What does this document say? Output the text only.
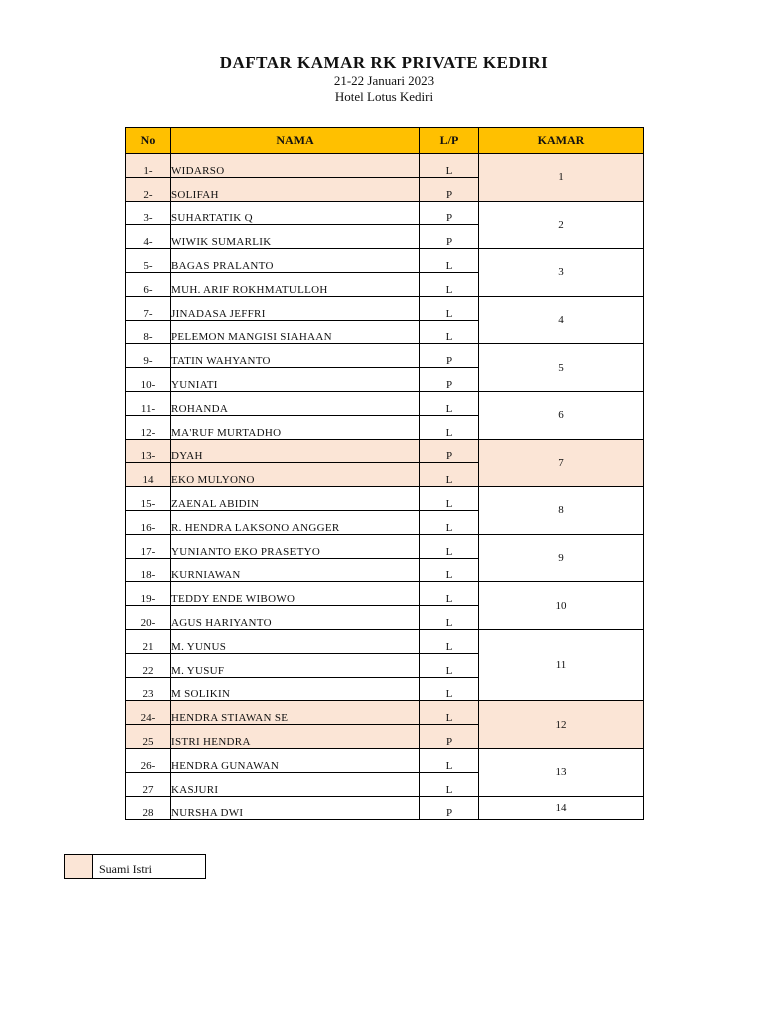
DAFTAR KAMAR RK PRIVATE KEDIRI
21-22 Januari 2023
Hotel Lotus Kediri
No	NAMA	L/P	KAMAR
1-	WIDARSO	L	1
2-	SOLIFAH	P	
3-	SUHARTATIK Q	P	2
4-	WIWIK SUMARLIK	P	
5-	BAGAS PRALANTO	L	3
6-	MUH. ARIF ROKHMATULLOH	L	
7-	JINADASA JEFFRI	L	4
8-	PELEMON MANGISI SIAHAAN	L	
9-	TATIN WAHYANTO	P	5
10-	YUNIATI	P	
11-	ROHANDA	L	6
12-	MA'RUF MURTADHO	L	
13-	DYAH	P	7
14	EKO MULYONO	L	
15-	ZAENAL ABIDIN	L	8
16-	R. HENDRA LAKSONO ANGGER	L	
17-	YUNIANTO EKO PRASETYO	L	9
18-	KURNIAWAN	L	
19-	TEDDY ENDE WIBOWO	L	10
20-	AGUS HARIYANTO	L	
21	M. YUNUS	L	11
22	M. YUSUF	L	
23	M SOLIKIN	L	
24-	HENDRA STIAWAN SE	L	12
25	ISTRI HENDRA	P	
26-	HENDRA GUNAWAN	L	13
27	KASJURI	L	
28	NURSHA DWI	P	14
Suami Istri
